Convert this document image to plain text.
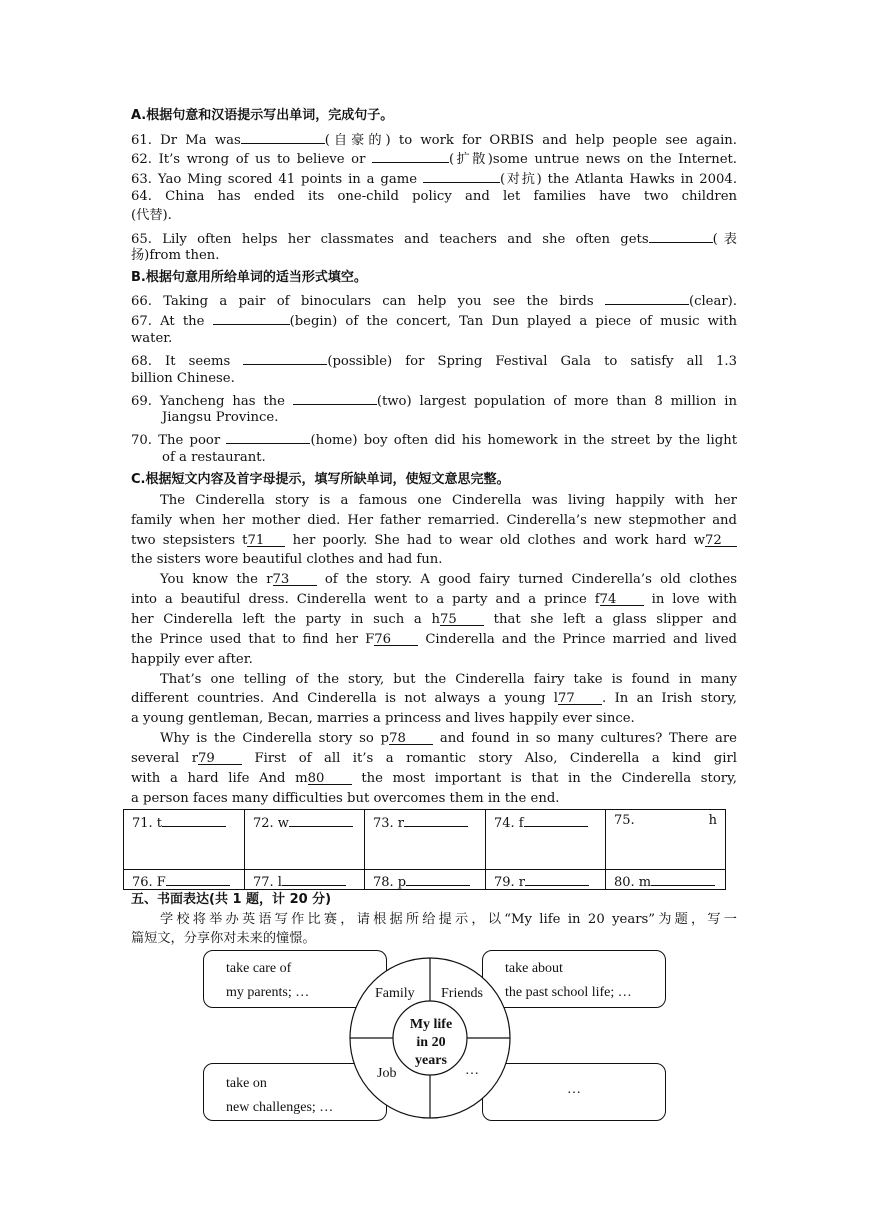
A.根据句意和汉语提示写出单词，完成句子。
61. Dr Ma was	(自豪的) to work for ORBIS and help people see again.
62. It’s wrong of us to believe or	(扩散)some untrue news on the Internet.
63. Yao Ming scored 41 points in a game	(对抗) the Atlanta Hawks in 2004.
64. China has ended its one-child policy and let families have two children
(代替).
65. Lily often helps her classmates and teachers and she often gets	(表
扬)from then.
B.根据句意用所给单词的适当形式填空。
66. Taking a pair of binoculars can help you see the birds	(clear).
67. At the	(begin) of the concert, Tan Dun played a piece of music with
water.
68. It seems	(possible) for Spring Festival Gala to satisfy all 1.3
billion Chinese.
69. Yancheng has the	(two) largest population of more than 8 million in
Jiangsu Province.
70. The poor	(home) boy often did his homework in the street by the light
of a restaurant.
C.根据短文内容及首字母提示，填写所缺单词，使短文意思完整。
The Cinderella story is a famous one Cinderella was living happily with her
family when her mother died. Her father remarried. Cinderella’s new stepmother and
two stepsisters t71 her poorly. She had to wear old clothes and work hard w72
the sisters wore beautiful clothes and had fun.
You know the r73 of the story. A good fairy turned Cinderella’s old clothes
into a beautiful dress. Cinderella went to a party and a prince f74 in love with
her Cinderella left the party in such a h75 that she left a glass slipper and
the Prince used that to find her F76 Cinderella and the Prince married and lived
happily ever after.
That’s one telling of the story, but the Cinderella fairy take is found in many
different countries. And Cinderella is not always a young l77 . In an Irish story,
a young gentleman, Becan, marries a princess and lives happily ever since.
Why is the Cinderella story so p78 and found in so many cultures? There are
several r79 First of all it’s a romantic story Also, Cinderella a kind girl
with a hard life And m80 the most important is that in the Cinderella story,
a person faces many difficulties but overcomes them in the end.
71. t	72. w	73. r	74. f	75.	h
76. F	77. l	78. p	79. r	80. m
五、书面表达(共 1 题，计 20 分)
学校将举办英语写作比赛，请根据所给提示，以“My life in 20 years”为题，写一
篇短文，分享你对未来的憧憬。
take care of
my parents; …
take about
the past school life; …
take on
new challenges; …
…
Family Friends
Job	…
My life
in 20
years
